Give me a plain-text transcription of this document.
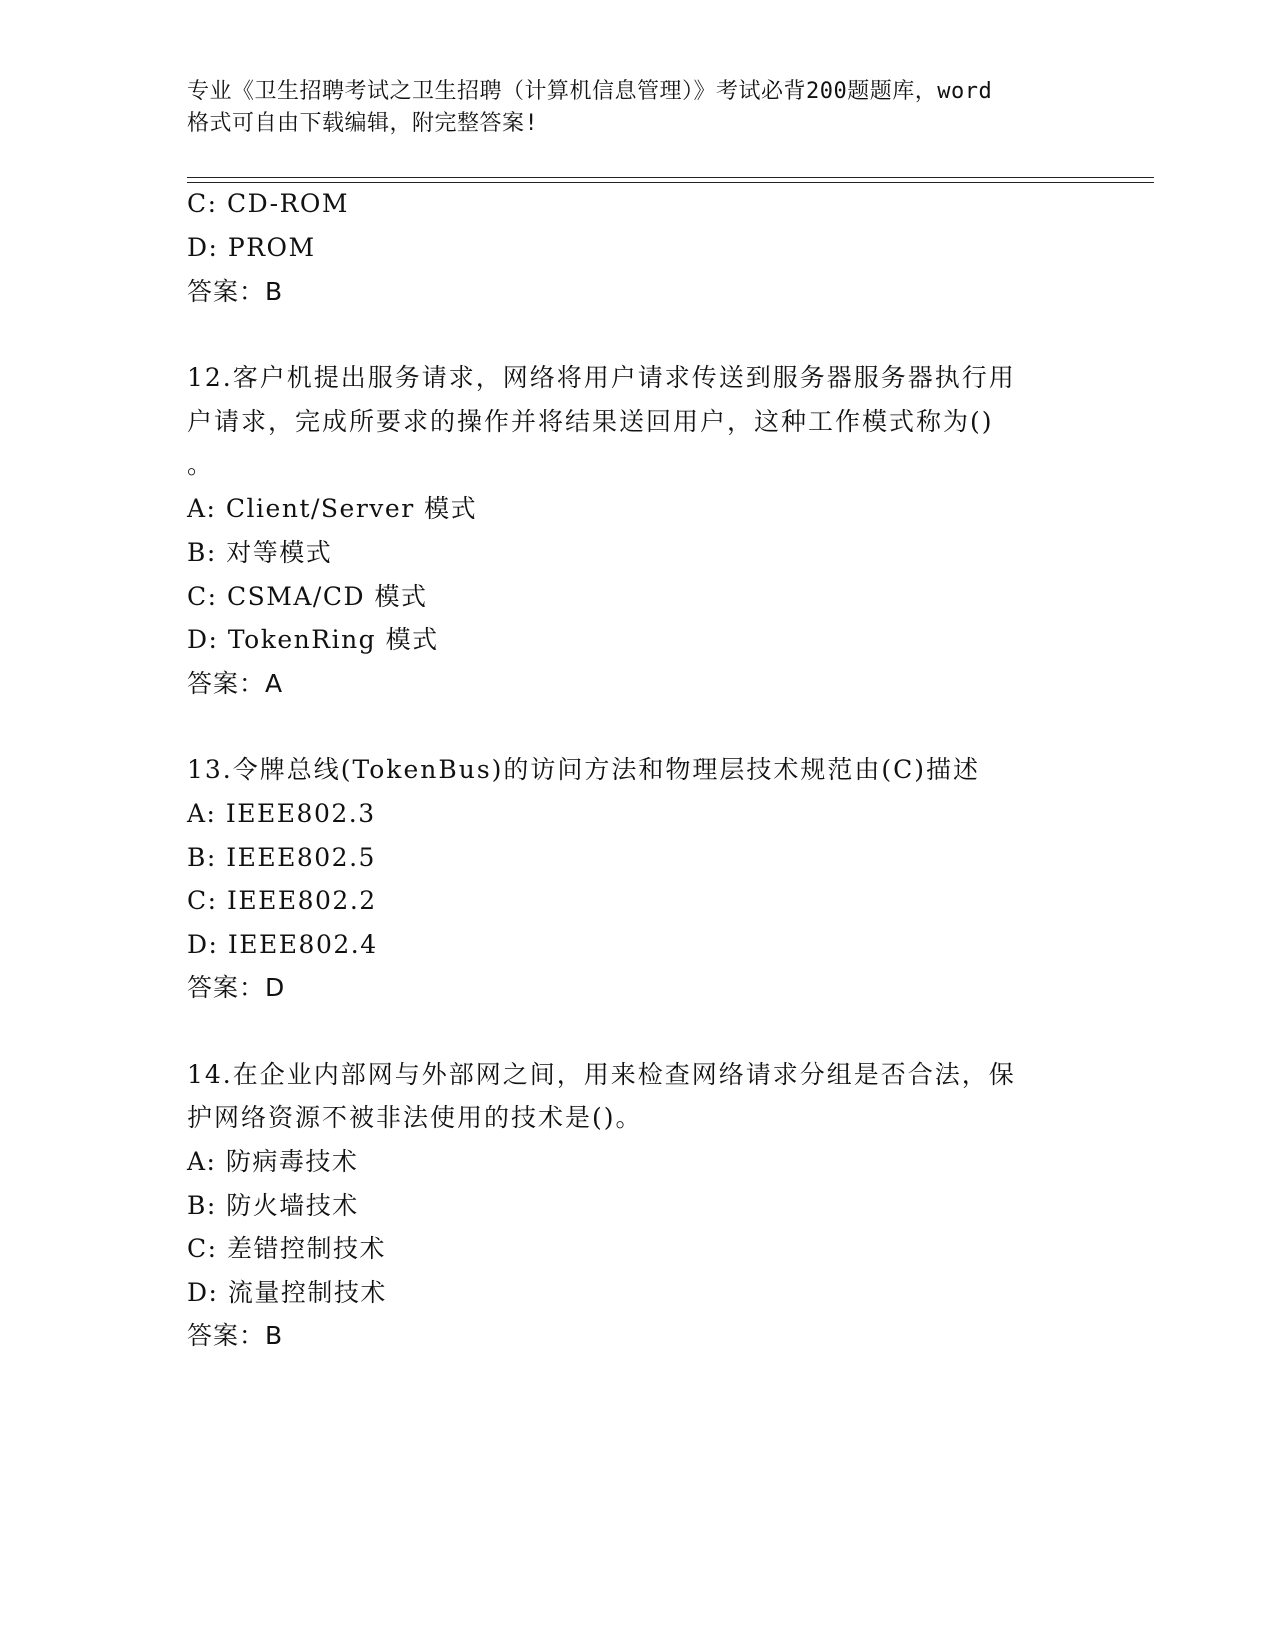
专业《卫生招聘考试之卫生招聘（计算机信息管理）》考试必背200题题库，word
格式可自由下载编辑，附完整答案!
C: CD-ROM
D: PROM
答案：B
12.客户机提出服务请求，网络将用户请求传送到服务器服务器执行用
户请求，完成所要求的操作并将结果送回用户，这种工作模式称为()
。
A: Client/Server 模式
B: 对等模式
C: CSMA/CD 模式
D: TokenRing 模式
答案：A
13.令牌总线(TokenBus)的访问方法和物理层技术规范由(C)描述
A: IEEE802.3
B: IEEE802.5
C: IEEE802.2
D: IEEE802.4
答案：D
14.在企业内部网与外部网之间，用来检查网络请求分组是否合法，保
护网络资源不被非法使用的技术是()。
A: 防病毒技术
B: 防火墙技术
C: 差错控制技术
D: 流量控制技术
答案：B
